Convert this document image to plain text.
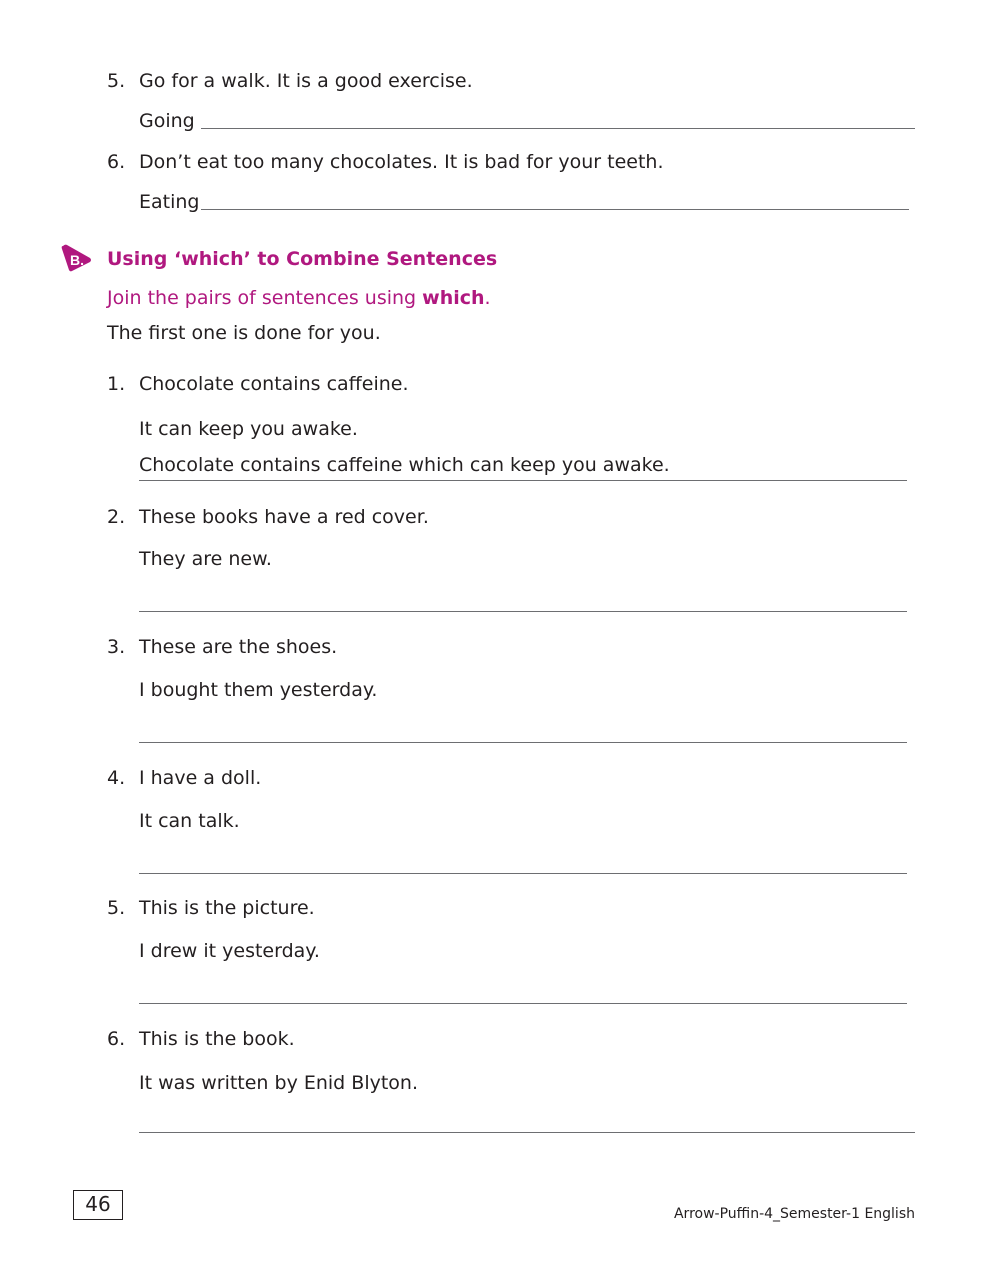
5. Go for a walk. It is a good exercise.
Going
6. Don’t eat too many chocolates. It is bad for your teeth.
Eating
B. Using ‘which’ to Combine Sentences
Join the pairs of sentences using which.
The first one is done for you.
1. Chocolate contains caffeine.
It can keep you awake.
Chocolate contains caffeine which can keep you awake.
2. These books have a red cover.
They are new.
3. These are the shoes.
I bought them yesterday.
4. I have a doll.
It can talk.
5. This is the picture.
I drew it yesterday.
6. This is the book.
It was written by Enid Blyton.
46	Arrow-Puffin-4_Semester-1 English
